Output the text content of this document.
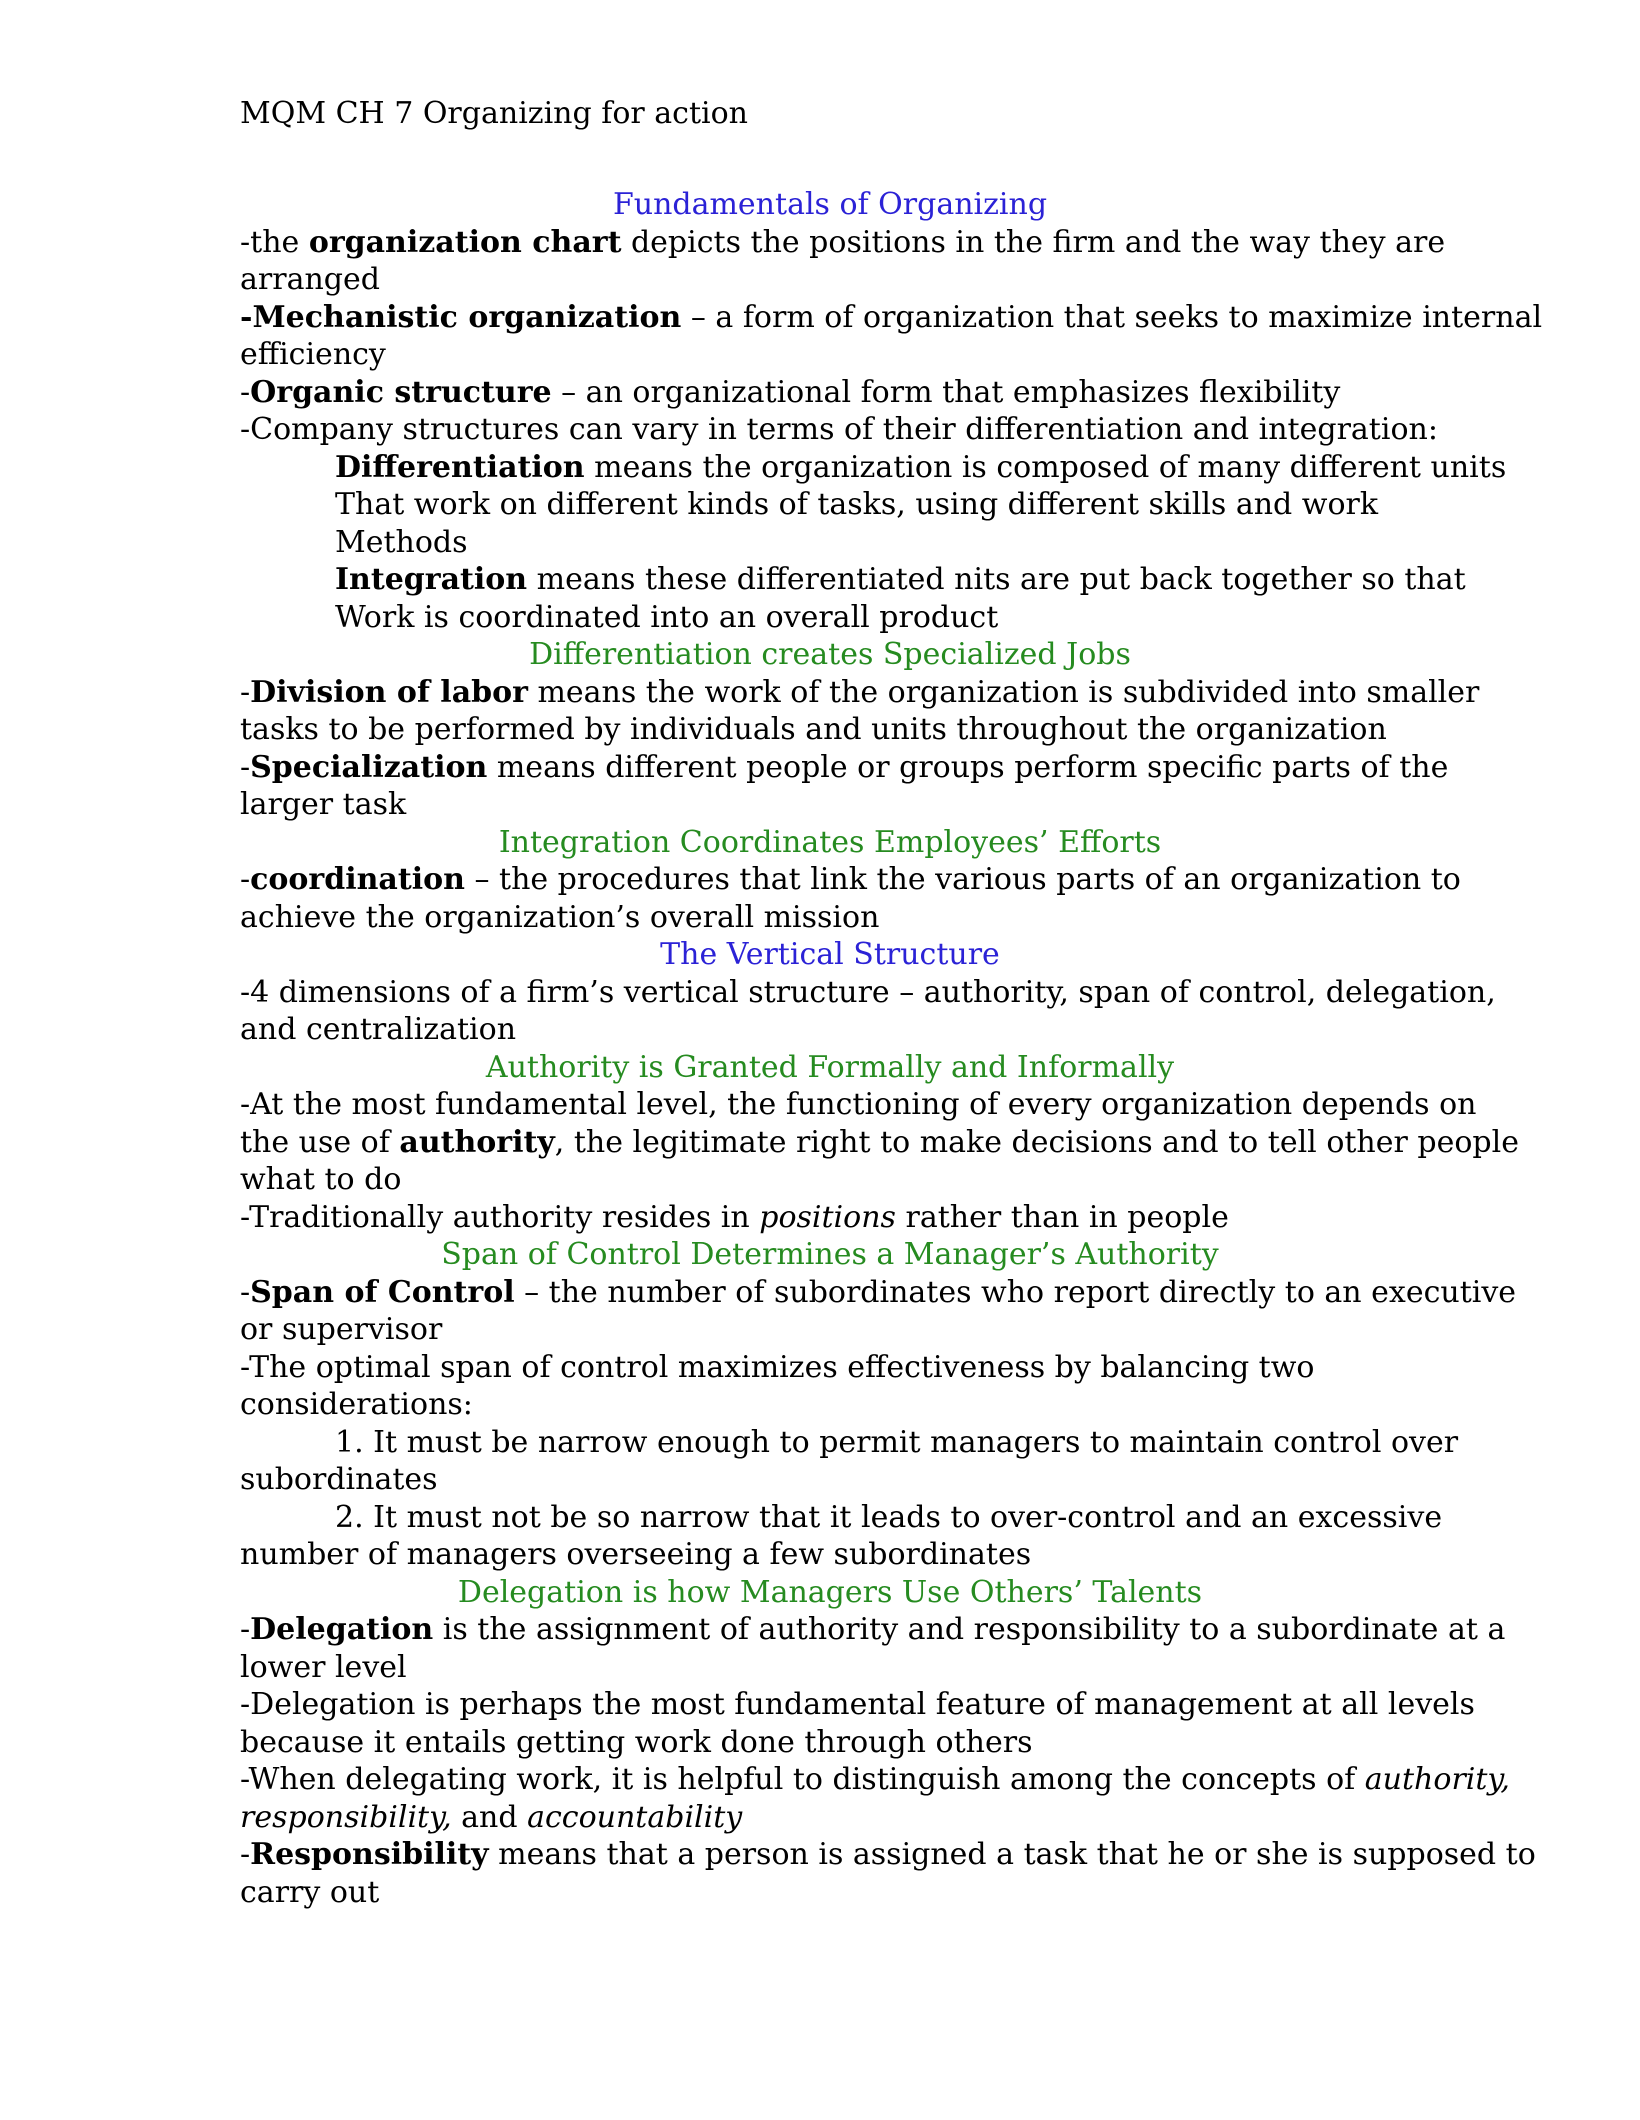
MQM CH 7 Organizing for action
Fundamentals of Organizing
-the organization chart depicts the positions in the firm and the way they are
arranged
-Mechanistic organization – a form of organization that seeks to maximize internal
efficiency
-Organic structure – an organizational form that emphasizes flexibility
-Company structures can vary in terms of their differentiation and integration:
Differentiation means the organization is composed of many different units
That work on different kinds of tasks, using different skills and work
Methods
Integration means these differentiated nits are put back together so that
Work is coordinated into an overall product
Differentiation creates Specialized Jobs
-Division of labor means the work of the organization is subdivided into smaller
tasks to be performed by individuals and units throughout the organization
-Specialization means different people or groups perform specific parts of the
larger task
Integration Coordinates Employees’ Efforts
-coordination – the procedures that link the various parts of an organization to
achieve the organization’s overall mission
The Vertical Structure
-4 dimensions of a firm’s vertical structure – authority, span of control, delegation,
and centralization
Authority is Granted Formally and Informally
-At the most fundamental level, the functioning of every organization depends on
the use of authority, the legitimate right to make decisions and to tell other people
what to do
-Traditionally authority resides in positions rather than in people
Span of Control Determines a Manager’s Authority
-Span of Control – the number of subordinates who report directly to an executive
or supervisor
-The optimal span of control maximizes effectiveness by balancing two
considerations:
1. It must be narrow enough to permit managers to maintain control over
subordinates
2. It must not be so narrow that it leads to over-control and an excessive
number of managers overseeing a few subordinates
Delegation is how Managers Use Others’ Talents
-Delegation is the assignment of authority and responsibility to a subordinate at a
lower level
-Delegation is perhaps the most fundamental feature of management at all levels
because it entails getting work done through others
-When delegating work, it is helpful to distinguish among the concepts of authority,
responsibility, and accountability
-Responsibility means that a person is assigned a task that he or she is supposed to
carry out
